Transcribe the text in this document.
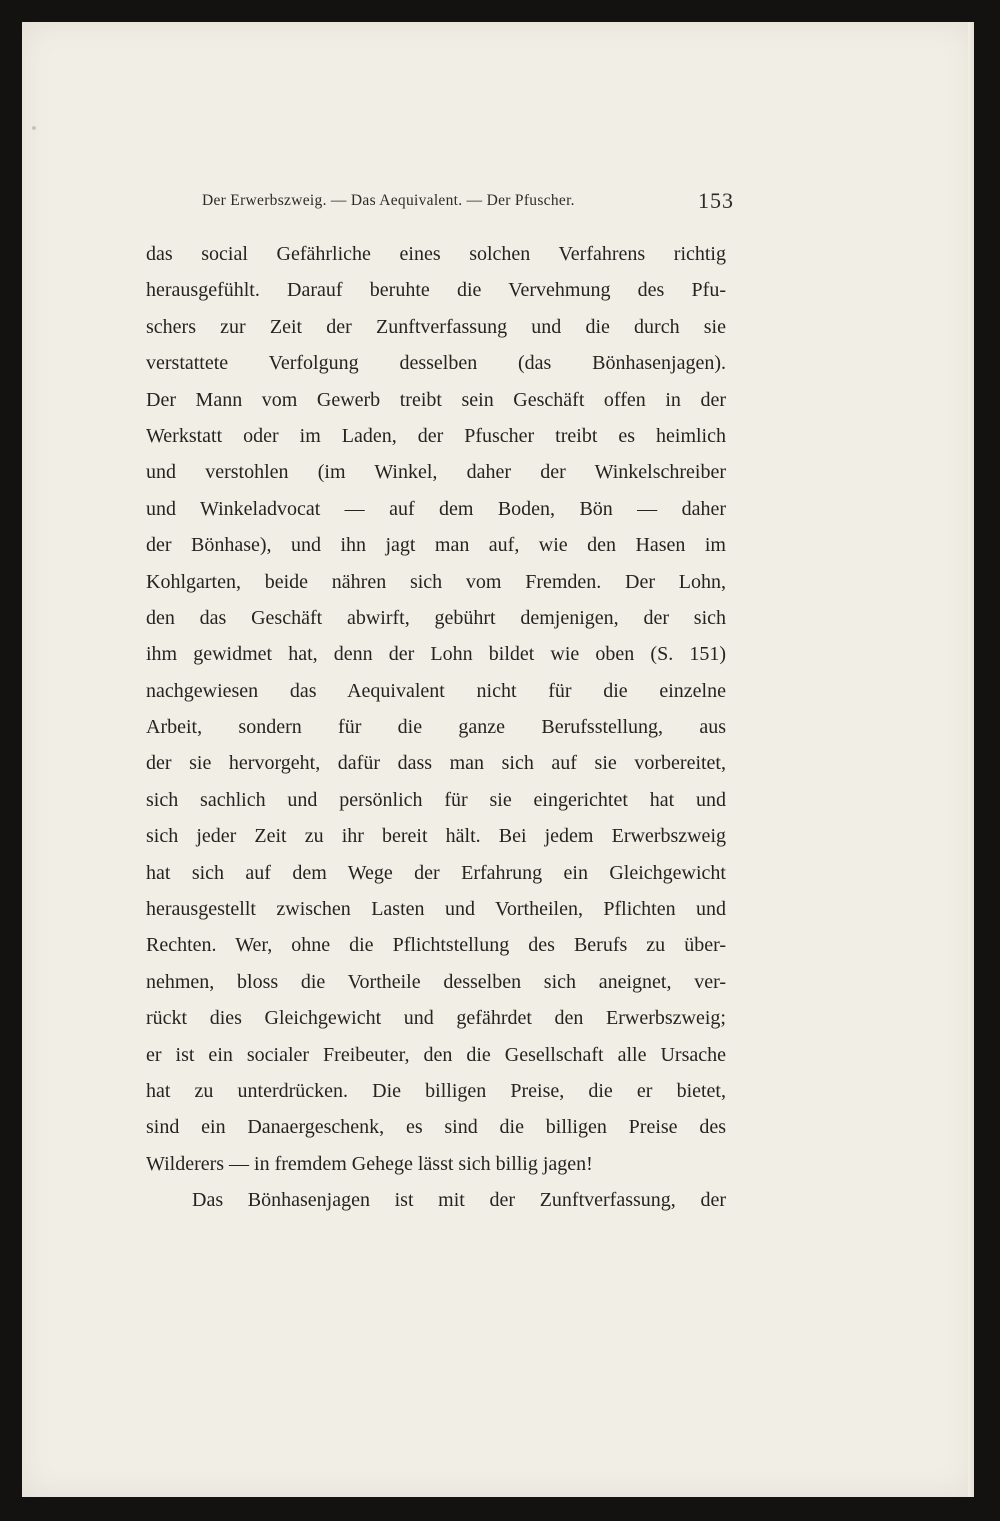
Der Erwerbszweig. — Das Aequivalent. — Der Pfuscher.	153
das social Gefährliche eines solchen Verfahrens richtig
herausgefühlt. Darauf beruhte die Vervehmung des Pfu-
schers zur Zeit der Zunftverfassung und die durch sie
verstattete Verfolgung desselben (das Bönhasenjagen).
Der Mann vom Gewerb treibt sein Geschäft offen in der
Werkstatt oder im Laden, der Pfuscher treibt es heimlich
und verstohlen (im Winkel, daher der Winkelschreiber
und Winkeladvocat — auf dem Boden, Bön — daher
der Bönhase), und ihn jagt man auf, wie den Hasen im
Kohlgarten, beide nähren sich vom Fremden. Der Lohn,
den das Geschäft abwirft, gebührt demjenigen, der sich
ihm gewidmet hat, denn der Lohn bildet wie oben (S. 151)
nachgewiesen das Aequivalent nicht für die einzelne
Arbeit, sondern für die ganze Berufsstellung, aus
der sie hervorgeht, dafür dass man sich auf sie vorbereitet,
sich sachlich und persönlich für sie eingerichtet hat und
sich jeder Zeit zu ihr bereit hält. Bei jedem Erwerbszweig
hat sich auf dem Wege der Erfahrung ein Gleichgewicht
herausgestellt zwischen Lasten und Vortheilen, Pflichten und
Rechten. Wer, ohne die Pflichtstellung des Berufs zu über-
nehmen, bloss die Vortheile desselben sich aneignet, ver-
rückt dies Gleichgewicht und gefährdet den Erwerbszweig;
er ist ein socialer Freibeuter, den die Gesellschaft alle Ursache
hat zu unterdrücken. Die billigen Preise, die er bietet,
sind ein Danaergeschenk, es sind die billigen Preise des
Wilderers — in fremdem Gehege lässt sich billig jagen!
Das Bönhasenjagen ist mit der Zunftverfassung, der
